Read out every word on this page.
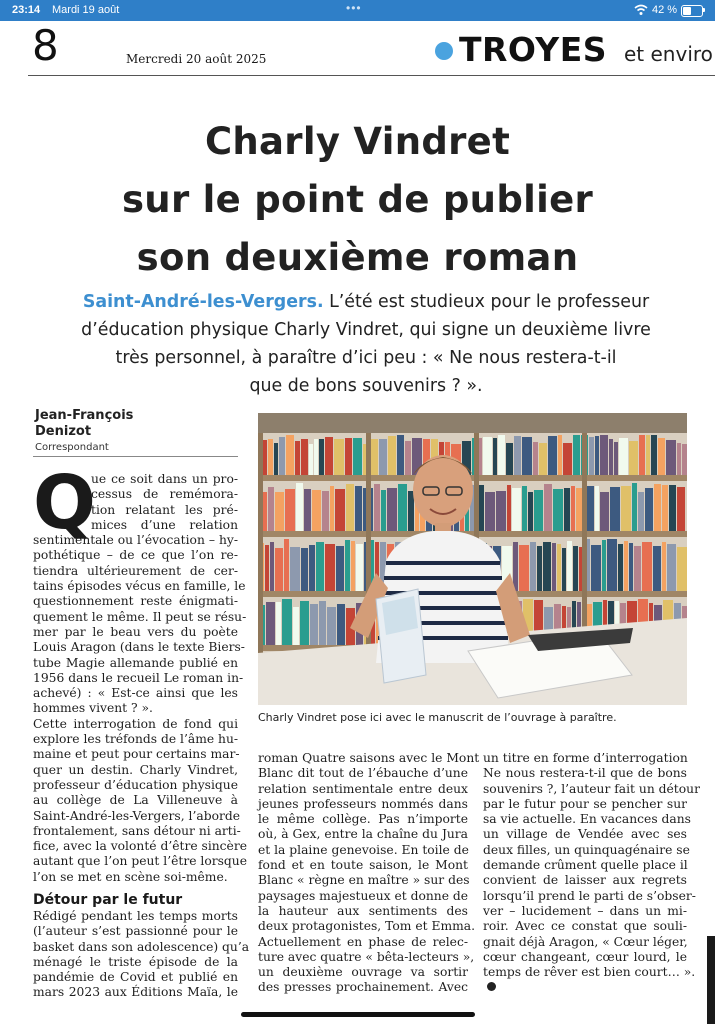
23:14 Mardi 19 août	•••	42 %
8	Mercredi 20 août 2025	TROYES et enviro
Charly Vindret
sur le point de publier
son deuxième roman
Saint-André-les-Vergers. L’été est studieux pour le professeur
d’éducation physique Charly Vindret, qui signe un deuxième livre
très personnel, à paraître d’ici peu : « Ne nous restera-t-il
que de bons souvenirs ? ».
Jean-François
Denizot
Correspondant
Q
ue ce soit dans un pro-
cessus de remémora-
tion relatant les pré-
mices d’une relation
sentimentale ou l’évocation – hy-
pothétique – de ce que l’on re-
tiendra ultérieurement de cer-
tains épisodes vécus en famille, le
questionnement reste énigmati-
quement le même. Il peut se résu-
mer par le beau vers du poète
Louis Aragon (dans le texte Biers-
tube Magie allemande publié en
1956 dans le recueil Le roman in-
achevé) : « Est-ce ainsi que les
hommes vivent ? ».
Cette interrogation de fond qui
explore les tréfonds de l’âme hu-
maine et peut pour certains mar-
quer un destin. Charly Vindret,
professeur d’éducation physique
au collège de La Villeneuve à
Saint-André-les-Vergers, l’aborde
frontalement, sans détour ni arti-
fice, avec la volonté d’être sincère
autant que l’on peut l’être lorsque
l’on se met en scène soi-même.
Détour par le futur
Rédigé pendant les temps morts
(l’auteur s’est passionné pour le
basket dans son adolescence) qu’a
ménagé le triste épisode de la
pandémie de Covid et publié en
mars 2023 aux Éditions Maïa, le
Charly Vindret pose ici avec le manuscrit de l’ouvrage à paraître.
roman Quatre saisons avec le Mont
Blanc dit tout de l’ébauche d’une
relation sentimentale entre deux
jeunes professeurs nommés dans
le même collège. Pas n’importe
où, à Gex, entre la chaîne du Jura
et la plaine genevoise. En toile de
fond et en toute saison, le Mont
Blanc « règne en maître » sur des
paysages majestueux et donne de
la hauteur aux sentiments des
deux protagonistes, Tom et Emma.
Actuellement en phase de relec-
ture avec quatre « bêta-lecteurs »,
un deuxième ouvrage va sortir
des presses prochainement. Avec
un titre en forme d’interrogation
Ne nous restera-t-il que de bons
souvenirs ?, l’auteur fait un détour
par le futur pour se pencher sur
sa vie actuelle. En vacances dans
un village de Vendée avec ses
deux filles, un quinquagénaire se
demande crûment quelle place il
convient de laisser aux regrets
lorsqu’il prend le parti de s’obser-
ver – lucidement – dans un mi-
roir. Avec ce constat que souli-
gnait déjà Aragon, « Cœur léger,
cœur changeant, cœur lourd, le
temps de rêver est bien court… ».
